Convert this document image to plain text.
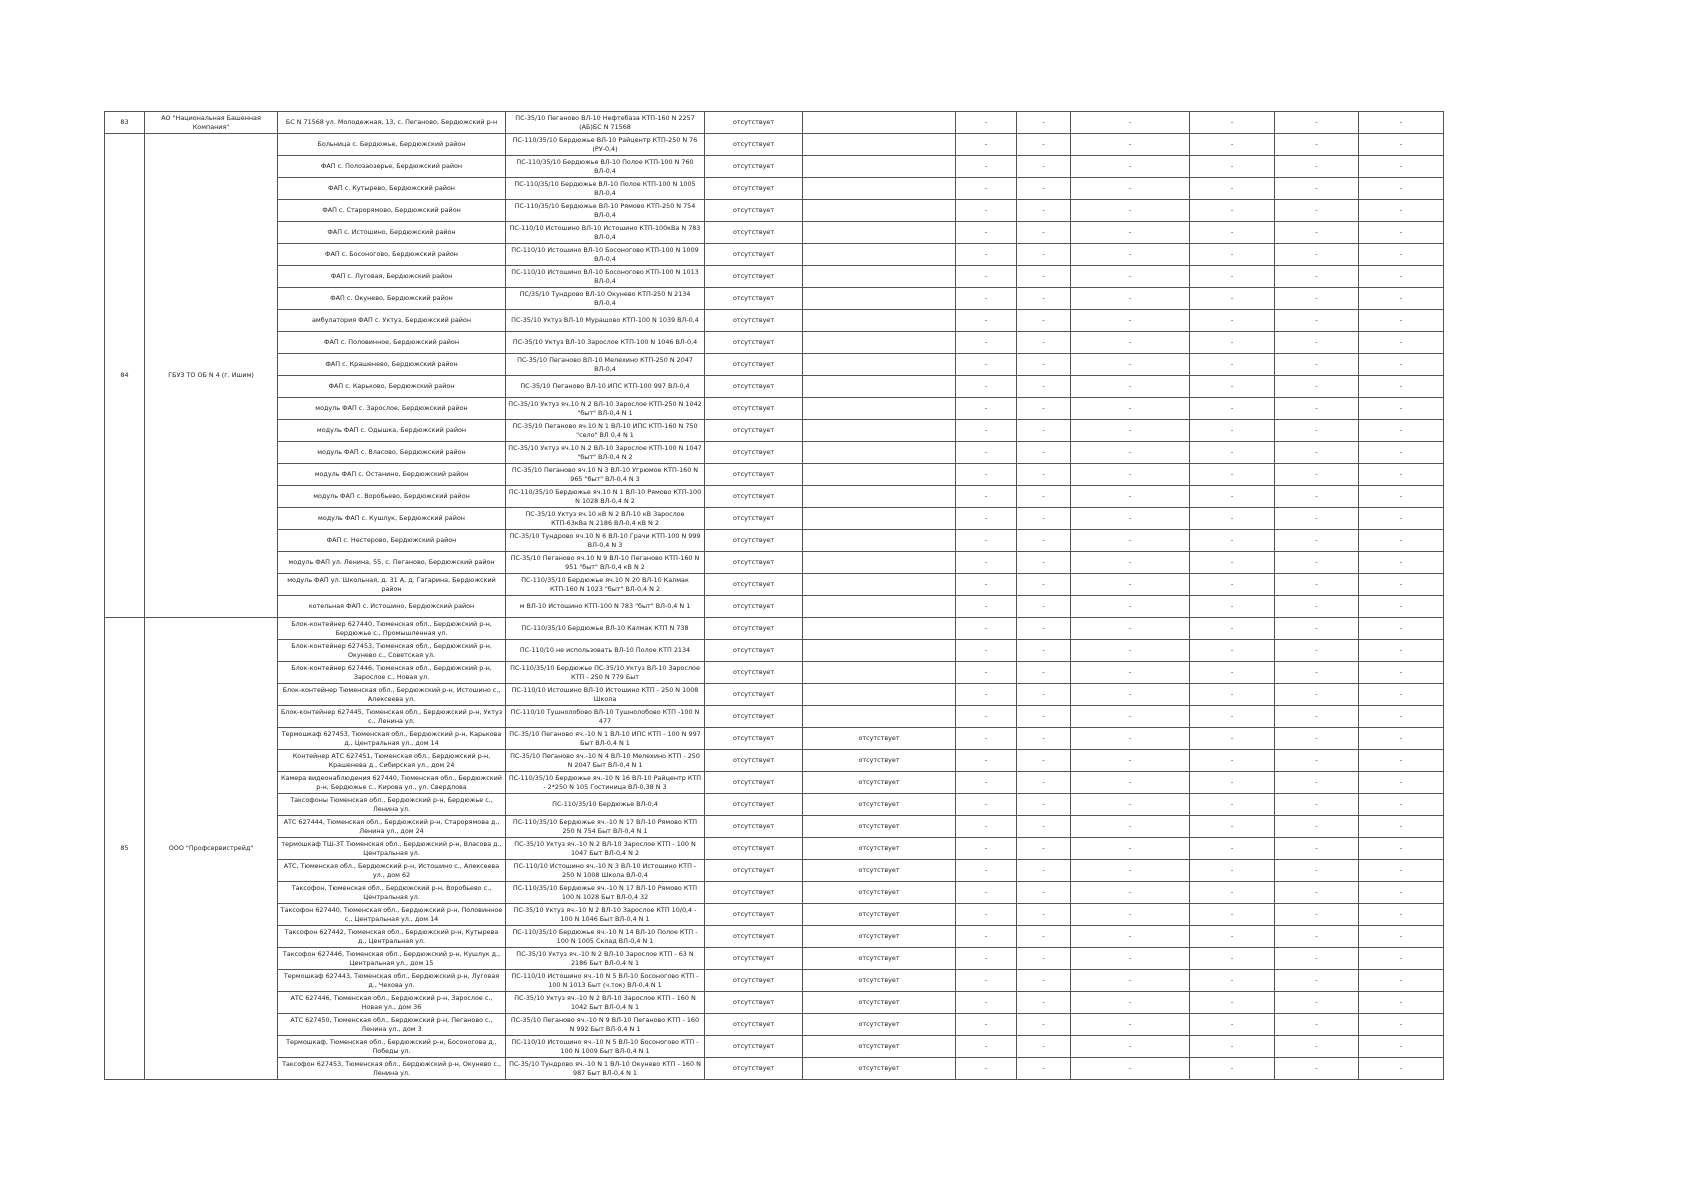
83	АО "Национальная Башенная Компания"	БС N 71568 ул. Молодежная, 13, с. Пеганово, Бердюжский р-н	ПС-35/10 Пеганово ВЛ-10 Нефтебаза КТП-160 N 2257 (АБ)БС N 71568	отсутствует		-	-	-	-	-	-
84	ГБУЗ ТО ОБ N 4 (г. Ишим)	Больница с. Бердюжье, Бердюжский район	ПС-110/35/10 Бердюжье ВЛ-10 Райцентр КТП-250 N 76 (РУ-0,4)	отсутствует		-	-	-	-	-	-
		ФАП с. Полозаозерье, Бердюжский район	ПС-110/35/10 Бердюжье ВЛ-10 Полое КТП-100 N 760 ВЛ-0,4	отсутствует		-	-	-	-	-	-
		ФАП с. Кутырево, Бердюжский район	ПС-110/35/10 Бердюжье ВЛ-10 Полое КТП-100 N 1005 ВЛ-0,4	отсутствует		-	-	-	-	-	-
		ФАП с. Старорямово, Бердюжский район	ПС-110/35/10 Бердюжье ВЛ-10 Рямово КТП-250 N 754 ВЛ-0,4	отсутствует		-	-	-	-	-	-
		ФАП с. Истошино, Бердюжский район	ПС-110/10 Истошино ВЛ-10 Истошино КТП-100кВа N 783 ВЛ-0,4	отсутствует		-	-	-	-	-	-
		ФАП с. Босоногово, Бердюжский район	ПС-110/10 Истошино ВЛ-10 Босоногово КТП-100 N 1009 ВЛ-0,4	отсутствует		-	-	-	-	-	-
		ФАП с. Луговая, Бердюжский район	ПС-110/10 Истошино ВЛ-10 Босоногово КТП-100 N 1013 ВЛ-0,4	отсутствует		-	-	-	-	-	-
		ФАП с. Окунево, Бердюжский район	ПС/35/10 Тундрово ВЛ-10 Окунево КТП-250 N 2134 ВЛ-0,4	отсутствует		-	-	-	-	-	-
		амбулатория ФАП с. Уктуз, Бердюжский район	ПС-35/10 Уктуз ВЛ-10 Мурашово КТП-100 N 1039 ВЛ-0,4	отсутствует		-	-	-	-	-	-
		ФАП с. Половинное, Бердюжский район	ПС-35/10 Уктуз ВЛ-10 Зарослое КТП-100 N 1046 ВЛ-0,4	отсутствует		-	-	-	-	-	-
		ФАП с. Крашенево, Бердюжский район	ПС-35/10 Пеганово ВЛ-10 Мелехино КТП-250 N 2047 ВЛ-0,4	отсутствует		-	-	-	-	-	-
		ФАП с. Карьково, Бердюжский район	ПС-35/10 Пеганово ВЛ-10 ИПС КТП-100 997 ВЛ-0,4	отсутствует		-	-	-	-	-	-
		модуль ФАП с. Зарослое, Бердюжский район	ПС-35/10 Уктуз яч.10 N 2 ВЛ-10 Зарослое КТП-250 N 1042 "быт" ВЛ-0,4 N 1	отсутствует		-	-	-	-	-	-
		модуль ФАП с. Одышка, Бердюжский район	ПС-35/10 Пеганово яч.10 N 1 ВЛ-10 ИПС КТП-160 N 750 "село" ВЛ 0,4 N 1	отсутствует		-	-	-	-	-	-
		модуль ФАП с. Власово, Бердюжский район	ПС-35/10 Уктуз яч.10 N 2 ВЛ-10 Зарослое КТП-100 N 1047 "быт" ВЛ-0,4 N 2	отсутствует		-	-	-	-	-	-
		модуль ФАП с. Останино, Бердюжский район	ПС-35/10 Пеганово яч.10 N 3 ВЛ-10 Угрюмое КТП-160 N 965 "быт" ВЛ-0,4 N 3	отсутствует		-	-	-	-	-	-
		модуль ФАП с. Воробьево, Бердюжский район	ПС-110/35/10 Бердюжье яч.10 N 1 ВЛ-10 Рямово КТП-100 N 1028 ВЛ-0,4 N 2	отсутствует		-	-	-	-	-	-
		модуль ФАП с. Кушлук, Бердюжский район	ПС-35/10 Уктуз яч.10 кВ N 2 ВЛ-10 кВ Зарослое КТП-63кВа N 2186 ВЛ-0,4 кВ N 2	отсутствует		-	-	-	-	-	-
		ФАП с. Нестерово, Бердюжский район	ПС-35/10 Тундрово яч.10 N 6 ВЛ-10 Грачи КТП-100 N 999 ВЛ-0,4 N 3	отсутствует		-	-	-	-	-	-
		модуль ФАП ул. Ленина, 55, с. Пеганово, Бердюжский район	ПС-35/10 Пеганово яч.10 N 9 ВЛ-10 Пеганово КТП-160 N 951 "быт" ВЛ-0,4 кВ N 2	отсутствует		-	-	-	-	-	-
		модуль ФАП ул. Школьная, д. 31 А, д. Гагарина, Бердюжский район	ПС-110/35/10 Бердюжье яч.10 N 20 ВЛ-10 Калмак КТП-160 N 1023 "быт" ВЛ-0,4 N 2	отсутствует		-	-	-	-	-	-
		котельная ФАП с. Истошино, Бердюжский район	м ВЛ-10 Истошино КТП-100 N 783 "быт" ВЛ-0,4 N 1	отсутствует		-	-	-	-	-	-
85	ООО "Профсервистрейд"	Блок-контейнер 627440, Тюменская обл., Бердюжский р-н, Бердюжье с., Промышленная ул.	ПС-110/35/10 Бердюжье ВЛ-10 Калмак КТП N 738	отсутствует		-	-	-	-	-	-
		Блок-контейнер 627453, Тюменская обл., Бердюжский р-н, Окунево с., Советская ул.	ПС-110/10 не использовать ВЛ-10 Полое КТП 2134	отсутствует		-	-	-	-	-	-
		Блок-контейнер 627446, Тюменская обл., Бердюжский р-н, Зарослое с., Новая ул.	ПС-110/35/10 Бердюжье ПС-35/10 Уктуз ВЛ-10 Зарослое КТП - 250 N 779 Быт	отсутствует		-	-	-	-	-	-
		Блок-контейнер Тюменская обл., Бердюжский р-н, Истошино с., Алексеева ул.	ПС-110/10 Истошино ВЛ-10 Истошино КТП - 250 N 1008 Школа	отсутствует		-	-	-	-	-	-
		Блок-контейнер 627445, Тюменская обл., Бердюжский р-н, Уктуз с., Ленина ул.	ПС-110/10 Тушнолобово ВЛ-10 Тушнолобово КТП -100 N 477	отсутствует		-	-	-	-	-	-
		Термошкаф 627453, Тюменская обл., Бердюжский р-н, Карькова д., Центральная ул., дом 14	ПС-35/10 Пеганово яч.-10 N 1 ВЛ-10 ИПС КТП - 100 N 997 Быт ВЛ-0,4 N 1	отсутствует	отсутствует	-	-	-	-	-	-
		Контейнер АТС 627451, Тюменская обл., Бердюжский р-н, Крашенева д., Сибирская ул., дом 24	ПС-35/10 Пеганово яч.-10 N 4 ВЛ-10 Мелехино КТП - 250 N 2047 Быт ВЛ-0,4 N 1	отсутствует	отсутствует	-	-	-	-	-	-
		Камера видеонаблюдения 627440, Тюменская обл., Бердюжский р-н, Бердюжье с., Кирова ул., ул. Свердлова	ПС-110/35/10 Бердюжье яч.-10 N 16 ВЛ-10 Райцентр КТП - 2*250 N 105 Гостиница ВЛ-0,38 N 3	отсутствует	отсутствует	-	-	-	-	-	-
		Таксофоны Тюменская обл., Бердюжский р-н, Бердюжье с., Ленина ул.	ПС-110/35/10 Бердюжье ВЛ-0,4	отсутствует	отсутствует	-	-	-	-	-	-
		АТС 627444, Тюменская обл., Бердюжский р-н, Старорямова д., Ленина ул., дом 24	ПС-110/35/10 Бердюжье яч.-10 N 17 ВЛ-10 Рямово КТП 250 N 754 Быт ВЛ-0,4 N 1	отсутствует	отсутствует	-	-	-	-	-	-
		термошкаф ТШ-3Т Тюменская обл., Бердюжский р-н, Власова д., Центральная ул.	ПС-35/10 Уктуз яч.-10 N 2 ВЛ-10 Зарослое КТП - 100 N 1047 Быт ВЛ-0,4 N 2	отсутствует	отсутствует	-	-	-	-	-	-
		АТС, Тюменская обл., Бердюжский р-н, Истошино с., Алексеева ул., дом 62	ПС-110/10 Истошино яч.-10 N 3 ВЛ-10 Истошино КТП - 250 N 1008 Школа ВЛ-0,4	отсутствует	отсутствует	-	-	-	-	-	-
		Таксофон, Тюменская обл., Бердюжский р-н, Воробьево с., Центральная ул.	ПС-110/35/10 Бердюжье яч.-10 N 17 ВЛ-10 Рямово КТП 100 N 1028 Быт ВЛ-0,4 32	отсутствует	отсутствует	-	-	-	-	-	-
		Таксофон 627440, Тюменская обл., Бердюжский р-н, Половинное с., Центральная ул., дом 14	ПС-35/10 Уктуз яч.-10 N 2 ВЛ-10 Зарослое КТП 10/0,4 - 100 N 1046 Быт ВЛ-0,4 N 1	отсутствует	отсутствует	-	-	-	-	-	-
		Таксофон 627442, Тюменская обл., Бердюжский р-н, Кутырева д., Центральная ул.	ПС-110/35/10 Бердюжье яч.-10 N 14 ВЛ-10 Полое КТП - 100 N 1005 Склад ВЛ-0,4 N 1	отсутствует	отсутствует	-	-	-	-	-	-
		Таксофон 627446, Тюменская обл., Бердюжский р-н, Кушлук д., Центральная ул., дом 15	ПС-35/10 Уктуз яч.-10 N 2 ВЛ-10 Зарослое КТП - 63 N 2186 Быт ВЛ-0,4 N 1	отсутствует	отсутствует	-	-	-	-	-	-
		Термошкаф 627443, Тюменская обл., Бердюжский р-н, Луговая д., Чехова ул.	ПС-110/10 Истошино яч.-10 N 5 ВЛ-10 Босоногово КТП - 100 N 1013 Быт (ч.ток) ВЛ-0,4 N 1	отсутствует	отсутствует	-	-	-	-	-	-
		АТС 627446, Тюменская обл., Бердюжский р-н, Зарослое с., Новая ул., дом 36	ПС-35/10 Уктуз яч.-10 N 2 ВЛ-10 Зарослое КТП - 160 N 1042 Быт ВЛ-0,4 N 1	отсутствует	отсутствует	-	-	-	-	-	-
		АТС 627450, Тюменская обл., Бердюжский р-н, Пеганово с., Ленина ул., дом 3	ПС-35/10 Пеганово яч.-10 N 9 ВЛ-10 Пеганово КТП - 160 N 992 Быт ВЛ-0,4 N 1	отсутствует	отсутствует	-	-	-	-	-	-
		Термошкаф, Тюменская обл., Бердюжский р-н, Босоногова д., Победы ул.	ПС-110/10 Истошино яч.-10 N 5 ВЛ-10 Босоногово КТП - 100 N 1009 Быт ВЛ-0,4 N 1	отсутствует	отсутствует	-	-	-	-	-	-
		Таксофон 627453, Тюменская обл., Бердюжский р-н, Окунево с., Ленина ул.	ПС-35/10 Тундрово яч.-10 N 1 ВЛ-10 Окунево КТП - 160 N 987 Быт ВЛ-0,4 N 1	отсутствует	отсутствует	-	-	-	-	-	-
